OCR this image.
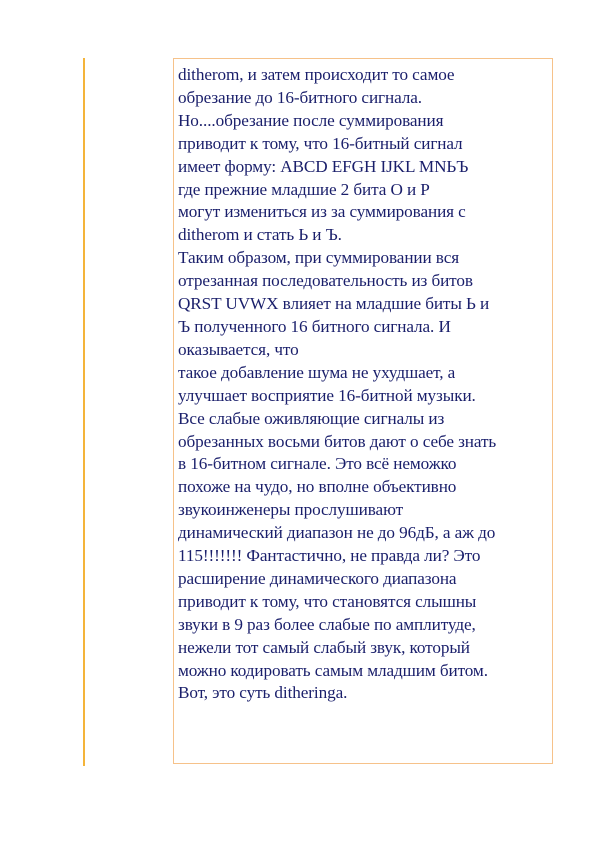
ditherom, и затем происходит то самое
обрезание до 16-битного сигнала.
Но....обрезание после суммирования
приводит к тому, что 16-битный сигнал
имеет форму: ABCD EFGH IJKL MNЬЪ
где прежние младшие 2 бита О и Р
могут измениться из за суммирования с
ditherom и стать Ь и Ъ.
Таким образом, при суммировании вся
отрезанная последовательность из битов
QRST UVWX влияет на младшие биты Ь и
Ъ полученного 16 битного сигнала. И
оказывается, что
такое добавление шума не ухудшает, а
улучшает восприятие 16-битной музыки.
Все слабые оживляющие сигналы из
обрезанных восьми битов дают о себе знать
в 16-битном сигнале. Это всё неможко
похоже на чудо, но вполне объективно
звукоинженеры прослушивают
динамический диапазон не до 96дБ, а аж до
115!!!!!!! Фантастично, не правда ли? Это
расширение динамического диапазона
приводит к тому, что становятся слышны
звуки в 9 раз более слабые по амплитуде,
нежели тот самый слабый звук, который
можно кодировать самым младшим битом.
Вот, это суть ditheringa.
